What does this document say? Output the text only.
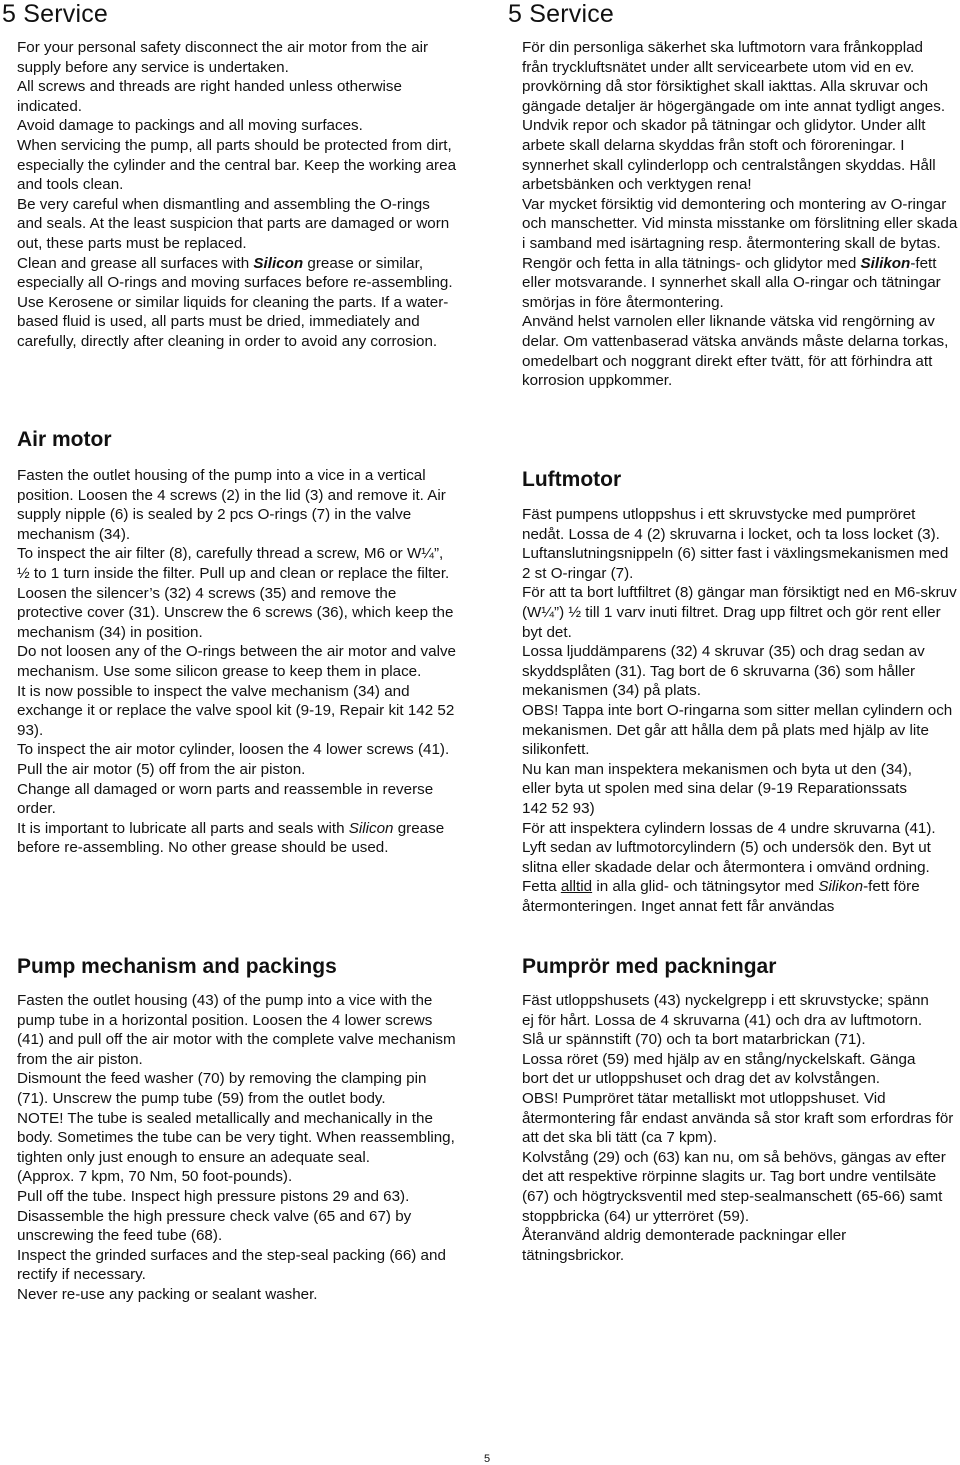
5 Service

For your personal safety disconnect the air motor from the air supply before any service is undertaken.

All screws and threads are right handed unless otherwise indicated.

Avoid damage to packings and all moving surfaces.

When servicing the pump, all parts should be protected from dirt, especially the cylinder and the central bar. Keep the working area and tools clean.

Be very careful when dismantling and assembling the O-rings and seals. At the least suspicion that parts are damaged or worn out, these parts must be replaced.

Clean and grease all surfaces with Silicon grease or similar, especially all O-rings and moving surfaces before re-assembling.

Use Kerosene or similar liquids for cleaning the parts. If a water-based fluid is used, all parts must be dried, immediately and carefully, directly after cleaning in order to avoid any corrosion.

Air motor

Fasten the outlet housing of the pump into a vice in a vertical position. Loosen the 4 screws (2) in the lid (3) and remove it. Air supply nipple (6) is sealed by 2 pcs O-rings (7) in the valve mechanism (34).

To inspect the air filter (8), carefully thread a screw, M6 or W¼”, ½ to 1 turn inside the filter. Pull up and clean or replace the filter.

Loosen the silencer’s (32) 4 screws (35) and remove the protective cover (31). Unscrew the 6 screws (36), which keep the mechanism (34) in position.

Do not loosen any of the O-rings between the air motor and valve mechanism. Use some silicon grease to keep them in place.

It is now possible to inspect the valve mechanism (34) and exchange it or replace the valve spool kit (9-19, Repair kit 142 52 93).

To inspect the air motor cylinder, loosen the 4 lower screws (41). Pull the air motor (5) off from the air piston.

Change all damaged or worn parts and reassemble in reverse order.

It is important to lubricate all parts and seals with Silicon grease before re-assembling. No other grease should be used.

Pump mechanism and packings

Fasten the outlet housing (43) of the pump into a vice with the pump tube in a horizontal position. Loosen the 4 lower screws (41) and pull off the air motor with the complete valve mechanism from the air piston.

Dismount the feed washer (70) by removing the clamping pin (71). Unscrew the pump tube (59) from the outlet body.

NOTE! The tube is sealed metallically and mechanically in the body. Sometimes the tube can be very tight. When reassembling, tighten only just enough to ensure an adequate seal.

(Approx. 7 kpm, 70 Nm, 50 foot-pounds).

Pull off the tube. Inspect high pressure pistons 29 and 63). Disassemble the high pressure check valve (65 and 67) by unscrewing the feed tube (68).

Inspect the grinded surfaces and the step-seal packing (66) and rectify if necessary.

Never re-use any packing or sealant washer.

5 Service

För din personliga säkerhet ska luftmotorn vara frånkopplad från tryckluftsnätet under allt servicearbete utom vid en ev. provkörning då stor försiktighet skall iakttas. Alla skruvar och gängade detaljer är högergängade om inte annat tydligt anges.

Undvik repor och skador på tätningar och glidytor. Under allt arbete skall delarna skyddas från stoft och föroreningar. I synnerhet skall cylinderlopp och centralstången skyddas. Håll arbetsbänken och verktygen rena!

Var mycket försiktig vid demontering och montering av O-ringar och manschetter. Vid minsta misstanke om förslitning eller skada i samband med isärtagning resp. återmontering skall de bytas.

Rengör och fetta in alla tätnings- och glidytor med Silikon-fett eller motsvarande. I synnerhet skall alla O-ringar och tätningar smörjas in före återmontering.

Använd helst varnolen eller liknande vätska vid rengörning av delar. Om vattenbaserad vätska används måste delarna torkas, omedelbart och noggrant direkt efter tvätt, för att förhindra att korrosion uppkommer.

Luftmotor

Fäst pumpens utloppshus i ett skruvstycke med pumpröret nedåt. Lossa de 4 (2) skruvarna i locket, och ta loss locket (3). Luftanslutningsnippeln (6) sitter fast i växlingsmekanismen med 2 st O-ringar (7).

För att ta bort luftfiltret (8) gängar man försiktigt ned en M6-skruv (W¼”) ½ till 1 varv inuti filtret. Drag upp filtret och gör rent eller byt det.

Lossa ljuddämparens (32) 4 skruvar (35) och drag sedan av skyddsplåten (31). Tag bort de 6 skruvarna (36) som håller mekanismen (34) på plats.

OBS! Tappa inte bort O-ringarna som sitter mellan cylindern och mekanismen. Det går att hålla dem på plats med hjälp av lite silikonfett.

Nu kan man inspektera mekanismen och byta ut den (34), eller byta ut spolen med sina delar (9-19 Reparationssats 142 52 93)

För att inspektera cylindern lossas de 4 undre skruvarna (41). Lyft sedan av luftmotorcylindern (5) och undersök den. Byt ut slitna eller skadade delar och återmontera i omvänd ordning.

Fetta alltid in alla glid- och tätningsytor med Silikon-fett före återmonteringen. Inget annat fett får användas

Pumprör med packningar

Fäst utloppshusets (43) nyckelgrepp i ett skruvstycke; spänn ej för hårt. Lossa de 4 skruvarna (41) och dra av luftmotorn.

Slå ur spännstift (70) och ta bort matarbrickan (71).

Lossa röret (59) med hjälp av en stång/nyckelskaft. Gänga bort det ur utloppshuset och drag det av kolvstången.

OBS! Pumpröret tätar metalliskt mot utloppshuset. Vid återmontering får endast använda så stor kraft som erfordras för att det ska bli tätt (ca 7 kpm).

Kolvstång (29) och (63) kan nu, om så behövs, gängas av efter det att respektive rörpinne slagits ur. Tag bort undre ventilsäte (67) och högtrycksventil med step-sealmanschett (65-66) samt stoppbricka (64) ur ytterröret (59).

Återanvänd aldrig demonterade packningar eller tätningsbrickor.

5
